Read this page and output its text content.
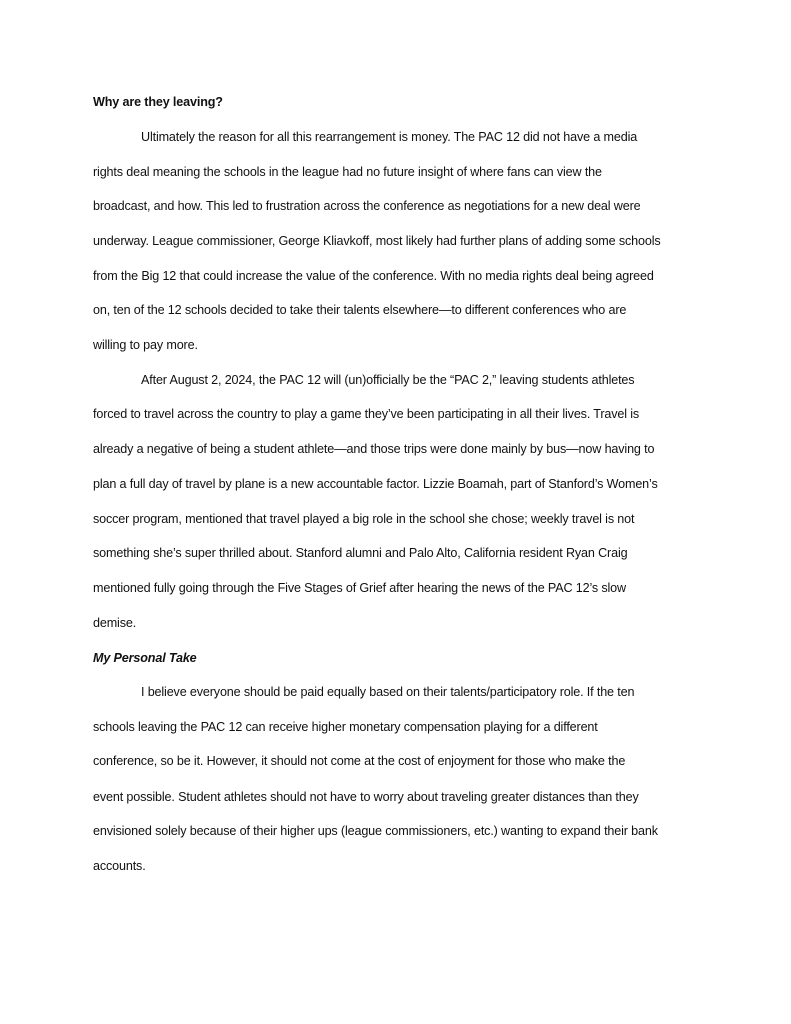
Why are they leaving?
Ultimately the reason for all this rearrangement is money. The PAC 12 did not have a media
rights deal meaning the schools in the league had no future insight of where fans can view the
broadcast, and how. This led to frustration across the conference as negotiations for a new deal were
underway. League commissioner, George Kliavkoff, most likely had further plans of adding some schools
from the Big 12 that could increase the value of the conference. With no media rights deal being agreed
on, ten of the 12 schools decided to take their talents elsewhere—to different conferences who are
willing to pay more.
After August 2, 2024, the PAC 12 will (un)officially be the “PAC 2,” leaving students athletes
forced to travel across the country to play a game they’ve been participating in all their lives. Travel is
already a negative of being a student athlete—and those trips were done mainly by bus—now having to
plan a full day of travel by plane is a new accountable factor. Lizzie Boamah, part of Stanford’s Women’s
soccer program, mentioned that travel played a big role in the school she chose; weekly travel is not
something she’s super thrilled about. Stanford alumni and Palo Alto, California resident Ryan Craig
mentioned fully going through the Five Stages of Grief after hearing the news of the PAC 12’s slow
demise.
My Personal Take
I believe everyone should be paid equally based on their talents/participatory role. If the ten
schools leaving the PAC 12 can receive higher monetary compensation playing for a different
conference, so be it. However, it should not come at the cost of enjoyment for those who make the
event possible. Student athletes should not have to worry about traveling greater distances than they
envisioned solely because of their higher ups (league commissioners, etc.) wanting to expand their bank
accounts.
